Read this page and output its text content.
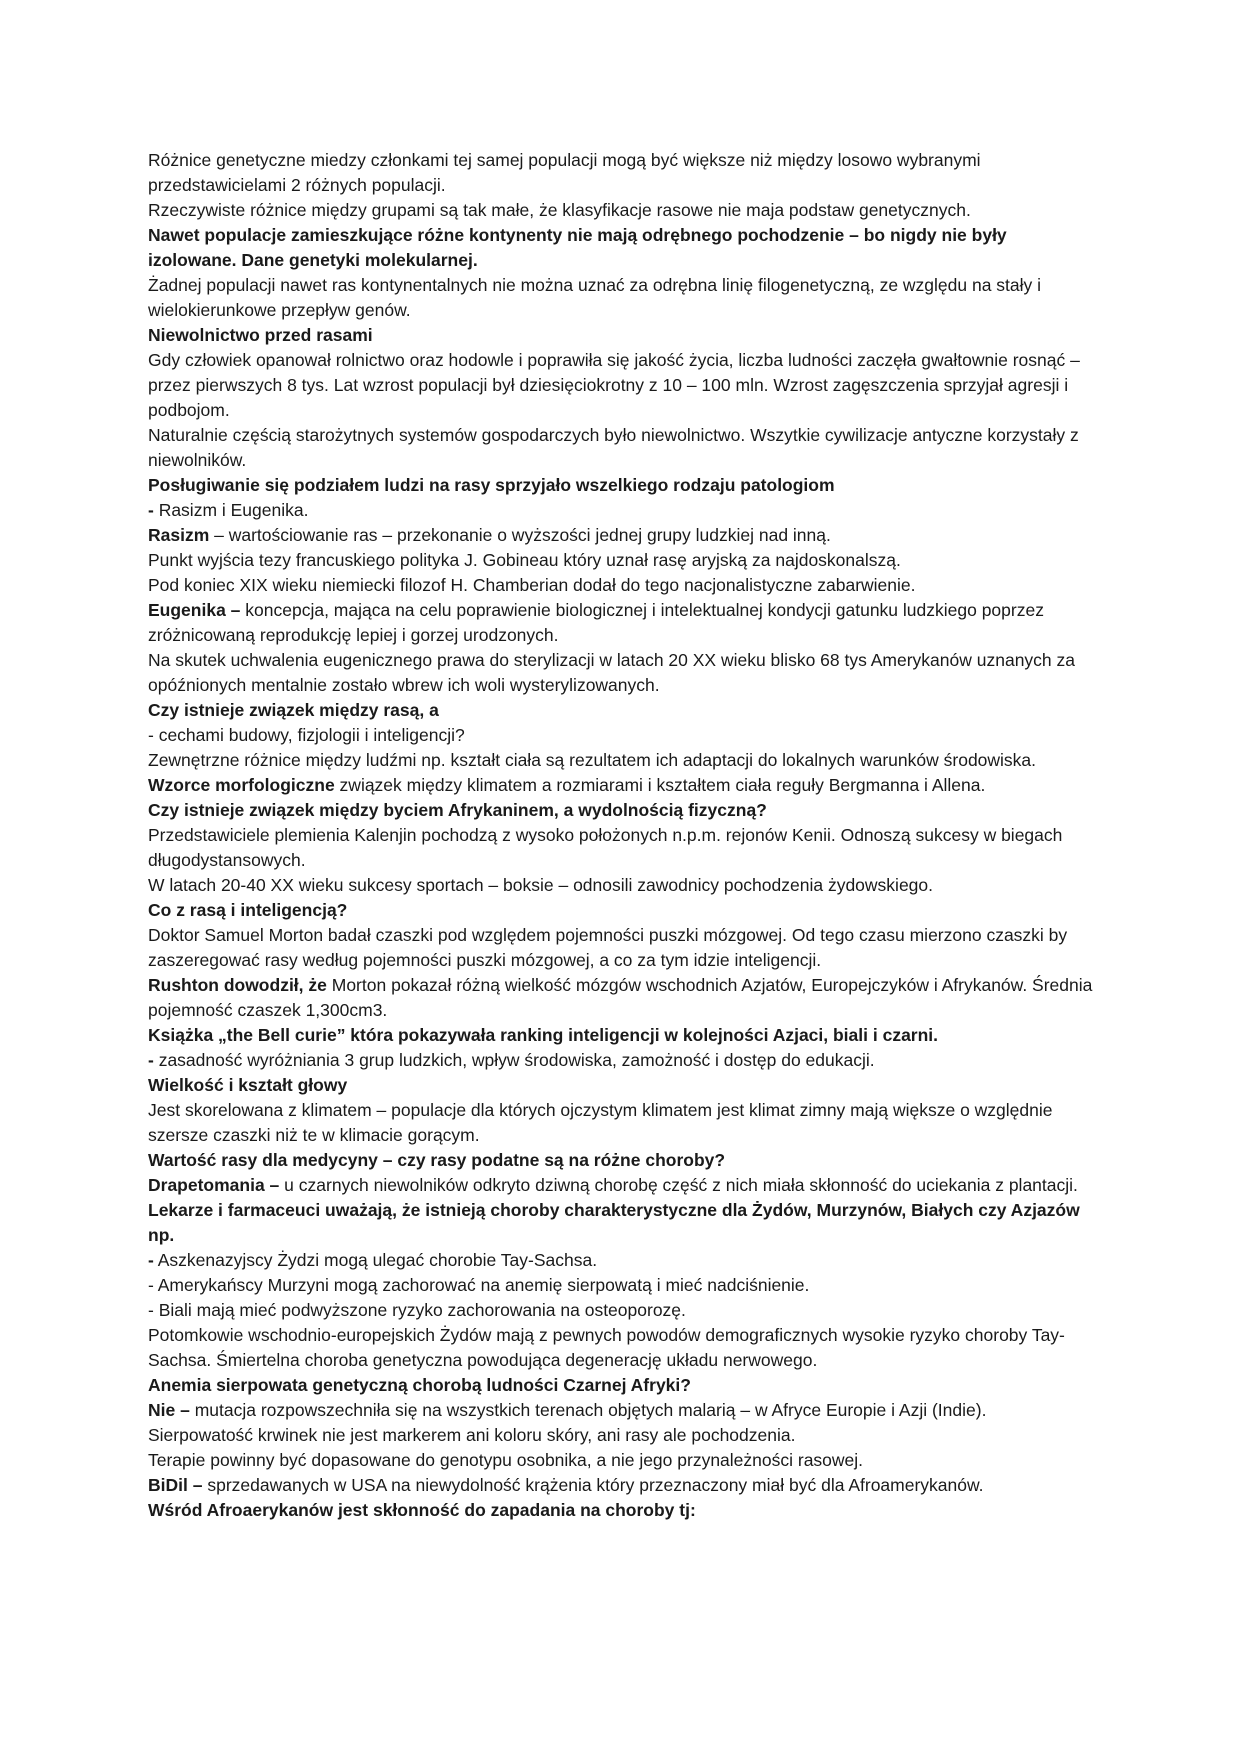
Różnice genetyczne miedzy członkami tej samej populacji mogą być większe niż między losowo wybranymi przedstawicielami 2 różnych populacji.

Rzeczywiste różnice między grupami są tak małe, że klasyfikacje rasowe nie maja podstaw genetycznych.

Nawet populacje zamieszkujące różne kontynenty nie mają odrębnego pochodzenie – bo nigdy nie były izolowane. Dane genetyki molekularnej.

Żadnej populacji nawet ras kontynentalnych nie można uznać za odrębna linię filogenetyczną, ze względu na stały i wielokierunkowe przepływ genów.

Niewolnictwo przed rasami

Gdy człowiek opanował rolnictwo oraz hodowle i poprawiła się jakość życia, liczba ludności zaczęła gwałtownie rosnąć – przez pierwszych 8 tys. Lat wzrost populacji był dziesięciokrotny z 10 – 100 mln. Wzrost zagęszczenia sprzyjał agresji i podbojom.

Naturalnie częścią starożytnych systemów gospodarczych było niewolnictwo. Wszytkie cywilizacje antyczne korzystały z niewolników.

Posługiwanie się podziałem ludzi na rasy sprzyjało wszelkiego rodzaju patologiom

- Rasizm i Eugenika.

Rasizm – wartościowanie ras – przekonanie o wyższości jednej grupy ludzkiej nad inną.

Punkt wyjścia tezy francuskiego polityka J. Gobineau który uznał rasę aryjską za najdoskonalszą.

Pod koniec XIX wieku niemiecki filozof H. Chamberian dodał do tego nacjonalistyczne zabarwienie.

Eugenika – koncepcja, mająca na celu poprawienie biologicznej i intelektualnej kondycji gatunku ludzkiego poprzez zróżnicowaną reprodukcję lepiej i gorzej urodzonych.

Na skutek uchwalenia eugenicznego prawa do sterylizacji w latach 20 XX wieku blisko 68 tys Amerykanów uznanych za opóźnionych mentalnie zostało wbrew ich woli wysterylizowanych.

Czy istnieje związek między rasą, a

- cechami budowy, fizjologii i inteligencji?

Zewnętrzne różnice między ludźmi np. kształt ciała są rezultatem ich adaptacji do lokalnych warunków środowiska.

Wzorce morfologiczne związek między klimatem a rozmiarami i kształtem ciała reguły Bergmanna i Allena.

Czy istnieje związek między byciem Afrykaninem, a wydolnością fizyczną?

Przedstawiciele plemienia Kalenjin pochodzą z wysoko położonych n.p.m. rejonów Kenii. Odnoszą sukcesy w biegach długodystansowych.

W latach 20-40 XX wieku sukcesy sportach – boksie – odnosili zawodnicy pochodzenia żydowskiego.

Co z rasą i inteligencją?

Doktor Samuel Morton badał czaszki pod względem pojemności puszki mózgowej. Od tego czasu mierzono czaszki by zaszeregować rasy według pojemności puszki mózgowej, a co za tym idzie inteligencji.

Rushton dowodził, że Morton pokazał różną wielkość mózgów wschodnich Azjatów, Europejczyków i Afrykanów. Średnia pojemność czaszek 1,300cm3.

Książka „the Bell curie” która pokazywała ranking inteligencji w kolejności Azjaci, biali i czarni.

- zasadność wyróżniania 3 grup ludzkich, wpływ środowiska, zamożność i dostęp do edukacji.

Wielkość i kształt głowy

Jest skorelowana z klimatem – populacje dla których ojczystym klimatem jest klimat zimny mają większe o względnie szersze czaszki niż te w klimacie gorącym.

Wartość rasy dla medycyny – czy rasy podatne są na różne choroby?

Drapetomania – u czarnych niewolników odkryto dziwną chorobę część z nich miała skłonność do uciekania z plantacji.

Lekarze i farmaceuci uważają, że istnieją choroby charakterystyczne dla Żydów, Murzynów, Białych czy Azjazów np.

- Aszkenazyjscy Żydzi mogą ulegać chorobie Tay-Sachsa.

- Amerykańscy Murzyni mogą zachorować na anemię sierpowatą i mieć nadciśnienie.

- Biali mają mieć podwyższone ryzyko zachorowania na osteoporozę.

Potomkowie wschodnio-europejskich Żydów mają z pewnych powodów demograficznych wysokie ryzyko choroby Tay-Sachsa. Śmiertelna choroba genetyczna powodująca degenerację układu nerwowego.

Anemia sierpowata genetyczną chorobą ludności Czarnej Afryki?

Nie – mutacja rozpowszechniła się na wszystkich terenach objętych malarią – w Afryce Europie i Azji (Indie).

Sierpowatość krwinek nie jest markerem ani koloru skóry, ani rasy ale pochodzenia.

Terapie powinny być dopasowane do genotypu osobnika, a nie jego przynależności rasowej.

BiDil – sprzedawanych w USA na niewydolność krążenia który przeznaczony miał być dla Afroamerykanów.

Wśród Afroaerykanów jest skłonność do zapadania na choroby tj:
